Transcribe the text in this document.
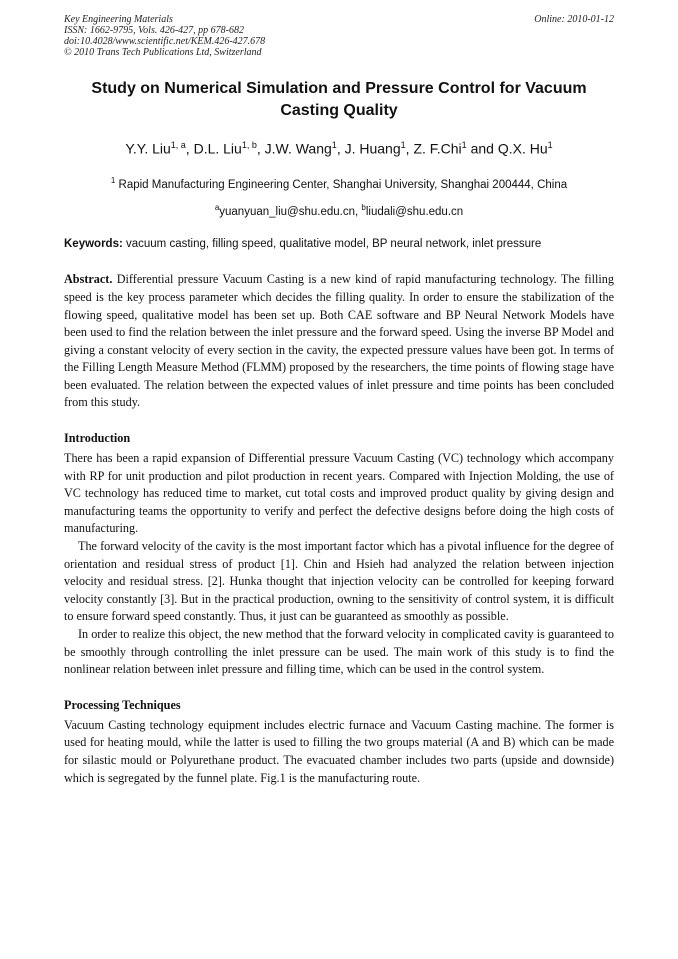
Key Engineering Materials
ISSN: 1662-9795, Vols. 426-427, pp 678-682
doi:10.4028/www.scientific.net/KEM.426-427.678
© 2010 Trans Tech Publications Ltd, Switzerland
Online: 2010-01-12
Study on Numerical Simulation and Pressure Control for Vacuum Casting Quality
Y.Y. Liu$^{1, a}$, D.L. Liu$^{1, b}$, J.W. Wang$^1$, J. Huang$^1$, Z. F.Chi$^1$ and Q.X. Hu$^1$
$^1$ Rapid Manufacturing Engineering Center, Shanghai University, Shanghai 200444, China
$^a$yuanyuan_liu@shu.edu.cn, $^b$liudali@shu.edu.cn
Keywords: vacuum casting, filling speed, qualitative model, BP neural network, inlet pressure

Abstract. Differential pressure Vacuum Casting is a new kind of rapid manufacturing technology. The filling speed is the key process parameter which decides the filling quality. In order to ensure the stabilization of the flowing speed, qualitative model has been set up. Both CAE software and BP Neural Network Models have been used to find the relation between the inlet pressure and the forward speed. Using the inverse BP Model and giving a constant velocity of every section in the cavity, the expected pressure values have been got. In terms of the Filling Length Measure Method (FLMM) proposed by the researchers, the time points of flowing stage have been evaluated. The relation between the expected values of inlet pressure and time points has been concluded from this study.

Introduction

There has been a rapid expansion of Differential pressure Vacuum Casting (VC) technology which accompany with RP for unit production and pilot production in recent years. Compared with Injection Molding, the use of VC technology has reduced time to market, cut total costs and improved product quality by giving design and manufacturing teams the opportunity to verify and perfect the defective designs before doing the high costs of manufacturing.

The forward velocity of the cavity is the most important factor which has a pivotal influence for the degree of orientation and residual stress of product [1]. Chin and Hsieh had analyzed the relation between injection velocity and residual stress. [2]. Hunka thought that injection velocity can be controlled for keeping forward velocity constantly [3]. But in the practical production, owning to the sensitivity of control system, it is difficult to ensure forward speed constantly. Thus, it just can be guaranteed as smoothly as possible.

In order to realize this object, the new method that the forward velocity in complicated cavity is guaranteed to be smoothly through controlling the inlet pressure can be used. The main work of this study is to find the nonlinear relation between inlet pressure and filling time, which can be used in the control system.

Processing Techniques

Vacuum Casting technology equipment includes electric furnace and Vacuum Casting machine. The former is used for heating mould, while the latter is used to filling the two groups material (A and B) which can be made for silastic mould or Polyurethane product. The evacuated chamber includes two parts (upside and downside) which is segregated by the funnel plate. Fig.1 is the manufacturing route.
